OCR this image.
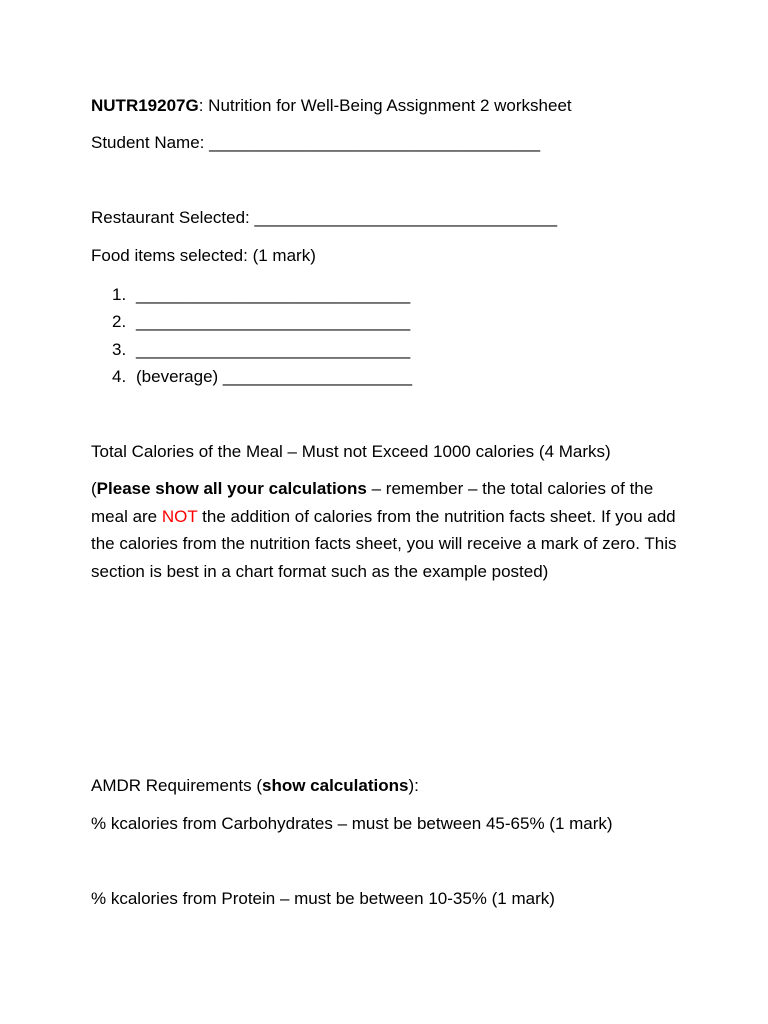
NUTR19207G: Nutrition for Well-Being Assignment 2 worksheet
Student Name: ___________________________________
Restaurant Selected: ________________________________
Food items selected: (1 mark)
1. _____________________________
2. _____________________________
3. _____________________________
4. (beverage) ____________________
Total Calories of the Meal – Must not Exceed 1000 calories (4 Marks)
(Please show all your calculations – remember – the total calories of the meal are NOT the addition of calories from the nutrition facts sheet. If you add the calories from the nutrition facts sheet, you will receive a mark of zero. This section is best in a chart format such as the example posted)
AMDR Requirements (show calculations):
% kcalories from Carbohydrates – must be between 45-65% (1 mark)
% kcalories from Protein – must be between 10-35% (1 mark)
